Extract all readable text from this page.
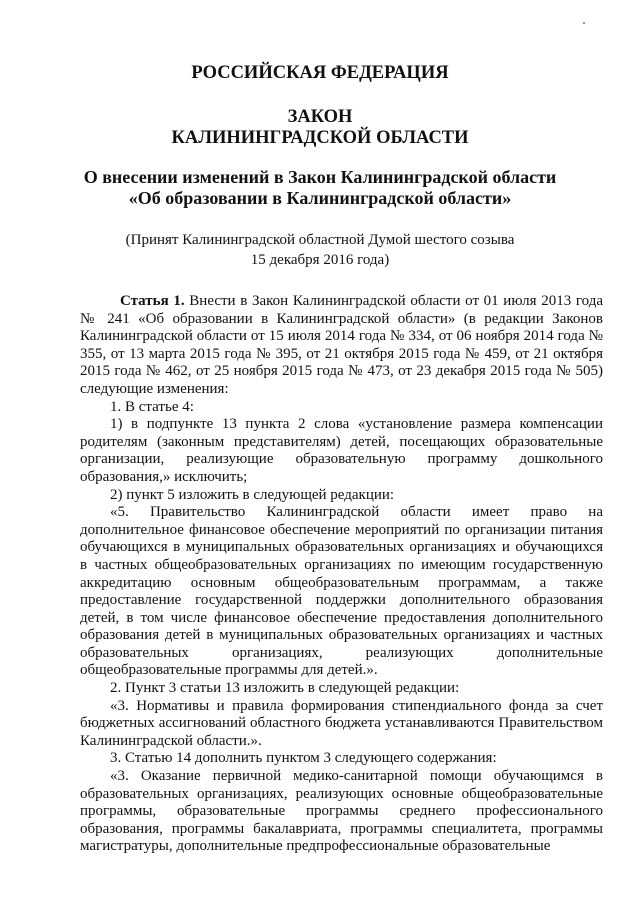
РОССИЙСКАЯ ФЕДЕРАЦИЯ
ЗАКОН
КАЛИНИНГРАДСКОЙ ОБЛАСТИ
О внесении изменений в Закон Калининградской области
«Об образовании в Калининградской области»
(Принят Калининградской областной Думой шестого созыва
15 декабря 2016 года)

Статья 1. Внести в Закон Калининградской области от 01 июля 2013 года № 241 «Об образовании в Калининградской области» (в редакции Законов Калининградской области от 15 июля 2014 года № 334, от 06 ноября 2014 года № 355, от 13 марта 2015 года № 395, от 21 октября 2015 года № 459, от 21 октября 2015 года № 462, от 25 ноября 2015 года № 473, от 23 декабря 2015 года № 505) следующие изменения:

1. В статье 4:

1) в подпункте 13 пункта 2 слова «установление размера компенсации родителям (законным представителям) детей, посещающих образовательные организации, реализующие образовательную программу дошкольного образования,» исключить;

2) пункт 5 изложить в следующей редакции:

«5. Правительство Калининградской области имеет право на дополнительное финансовое обеспечение мероприятий по организации питания обучающихся в муниципальных образовательных организациях и обучающихся в частных общеобразовательных организациях по имеющим государственную аккредитацию основным общеобразовательным программам, а также предоставление государственной поддержки дополнительного образования детей, в том числе финансовое обеспечение предоставления дополнительного образования детей в муниципальных образовательных организациях и частных образовательных организациях, реализующих дополнительные общеобразовательные программы для детей.».

2. Пункт 3 статьи 13 изложить в следующей редакции:

«3. Нормативы и правила формирования стипендиального фонда за счет бюджетных ассигнований областного бюджета устанавливаются Правительством Калининградской области.».

3. Статью 14 дополнить пунктом 3 следующего содержания:

«3. Оказание первичной медико-санитарной помощи обучающимся в образовательных организациях, реализующих основные общеобразовательные программы, образовательные программы среднего профессионального образования, программы бакалавриата, программы специалитета, программы магистратуры, дополнительные предпрофессиональные образовательные
